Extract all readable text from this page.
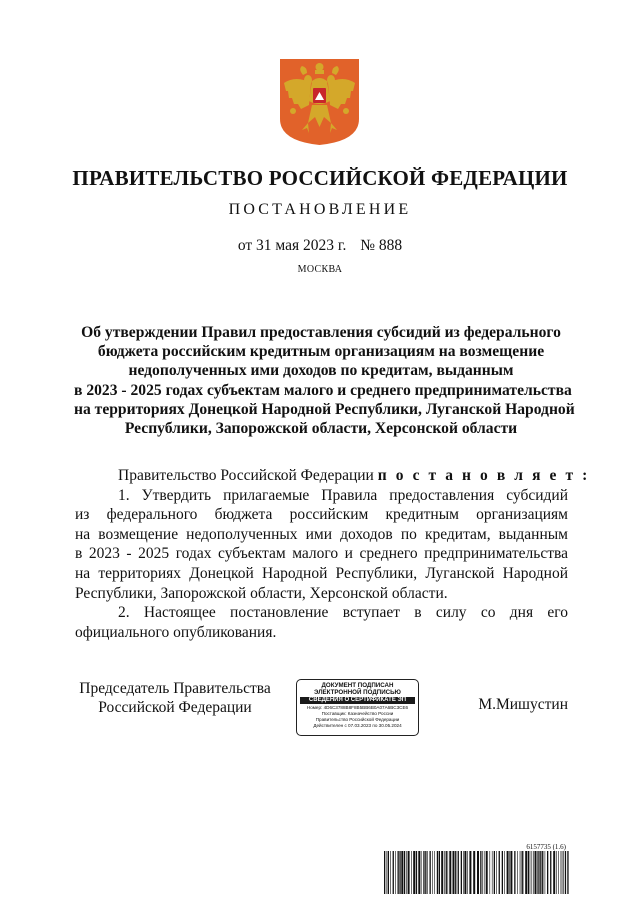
ПРАВИТЕЛЬСТВО РОССИЙСКОЙ ФЕДЕРАЦИИ
ПОСТАНОВЛЕНИЕ
от 31 мая 2023 г. № 888
МОСКВА
Об утверждении Правил предоставления субсидий из федерального
бюджета российским кредитным организациям на возмещение
недополученных ими доходов по кредитам, выданным
в 2023 - 2025 годах субъектам малого и среднего предпринимательства
на территориях Донецкой Народной Республики, Луганской Народной
Республики, Запорожской области, Херсонской области
Правительство Российской Федерации п о с т а н о в л я е т :
1. Утвердить прилагаемые Правила предоставления субсидий
из федерального бюджета российским кредитным организациям
на возмещение недополученных ими доходов по кредитам, выданным
в 2023 - 2025 годах субъектам малого и среднего предпринимательства
на территориях Донецкой Народной Республики, Луганской Народной
Республики, Запорожской области, Херсонской области.
2. Настоящее постановление вступает в силу со дня его
официального опубликования.
Председатель Правительства
Российской Федерации
ДОКУМЕНТ ПОДПИСАН
ЭЛЕКТРОННОЙ ПОДПИСЬЮ
СВЕДЕНИЯ О СЕРТИФИКАТЕ ЭП
Номер: 4D6C3788B8F8B5BB6B0A07A6BC3CE6
Поставщик: Казначейство России
Правительство Российской Федерации
Действителен с 07.03.2023 по 30.05.2024
М.Мишустин
6157735 (1.6)
